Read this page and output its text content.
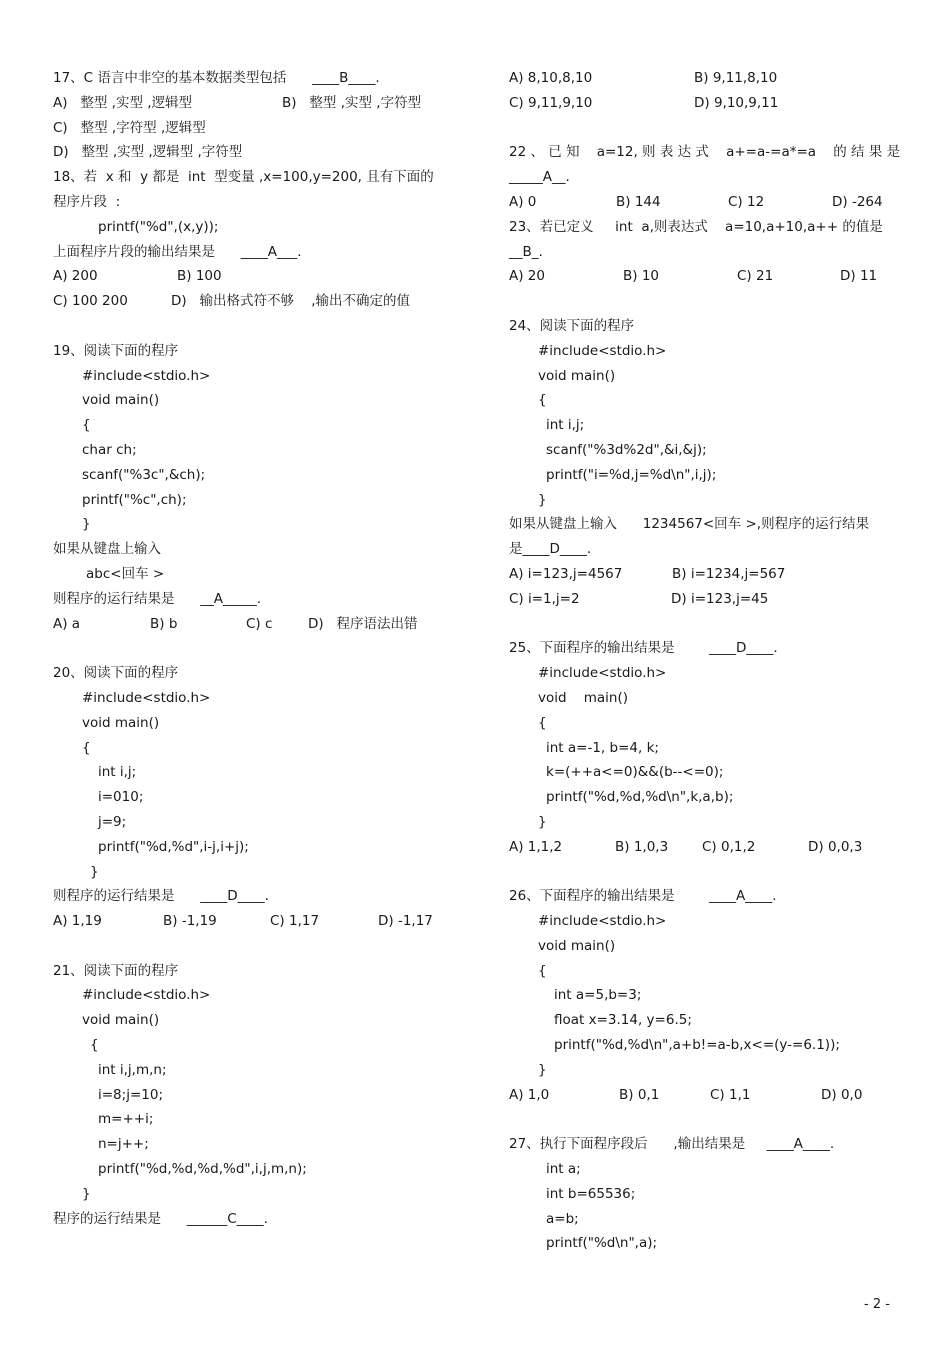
17、C 语言中非空的基本数据类型包括      ____B____.
A)   整型 ,实型 ,逻辑型	B)   整型 ,实型 ,字符型
C)   整型 ,字符型 ,逻辑型
D)   整型 ,实型 ,逻辑型 ,字符型
18、若  x 和  y 都是  int  型变量 ,x=100,y=200, 且有下面的
程序片段  :
printf("%d",(x,y));
上面程序片段的输出结果是      ____A___.
A) 200	B) 100
C) 100 200	D)   输出格式符不够    ,输出不确定的值
19、阅读下面的程序
#include<stdio.h>
void main()
{
char ch;
scanf("%3c",&ch);
printf("%c",ch);
}
如果从键盘上输入
abc<回车 >
则程序的运行结果是      __A_____.
A) a	B) b	C) c	D)   程序语法出错
20、阅读下面的程序
#include<stdio.h>
void main()
{
int i,j;
i=010;
j=9;
printf("%d,%d",i-j,i+j);
}
则程序的运行结果是      ____D____.
A) 1,19	B) -1,19	C) 1,17	D) -1,17
21、阅读下面的程序
#include<stdio.h>
void main()
{
int i,j,m,n;
i=8;j=10;
m=++i;
n=j++;
printf("%d,%d,%d,%d",i,j,m,n);
}
程序的运行结果是      ______C____.
A) 8,10,8,10	B) 9,11,8,10
C) 9,11,9,10	D) 9,10,9,11
22 、 已 知    a=12, 则 表 达 式    a+=a-=a*=a    的 结 果 是
_____A__.
A) 0	B) 144	C) 12	D) -264
23、若已定义     int  a,则表达式    a=10,a+10,a++ 的值是
__B_.
A) 20	B) 10	C) 21	D) 11
24、阅读下面的程序
#include<stdio.h>
void main()
{
int i,j;
scanf("%3d%2d",&i,&j);
printf("i=%d,j=%d\n",i,j);
}
如果从键盘上输入      1234567<回车 >,则程序的运行结果
是____D____.
A) i=123,j=4567	B) i=1234,j=567
C) i=1,j=2	D) i=123,j=45
25、下面程序的输出结果是        ____D____.
#include<stdio.h>
void    main()
{
int a=-1, b=4, k;
k=(++a<=0)&&(b--<=0);
printf("%d,%d,%d\n",k,a,b);
}
A) 1,1,2	B) 1,0,3	C) 0,1,2	D) 0,0,3
26、下面程序的输出结果是        ____A____.
#include<stdio.h>
void main()
{
int a=5,b=3;
float x=3.14, y=6.5;
printf("%d,%d\n",a+b!=a-b,x<=(y-=6.1));
}
A) 1,0	B) 0,1	C) 1,1	D) 0,0
27、执行下面程序段后      ,输出结果是     ____A____.
int a;
int b=65536;
a=b;
printf("%d\n",a);
- 2 -
